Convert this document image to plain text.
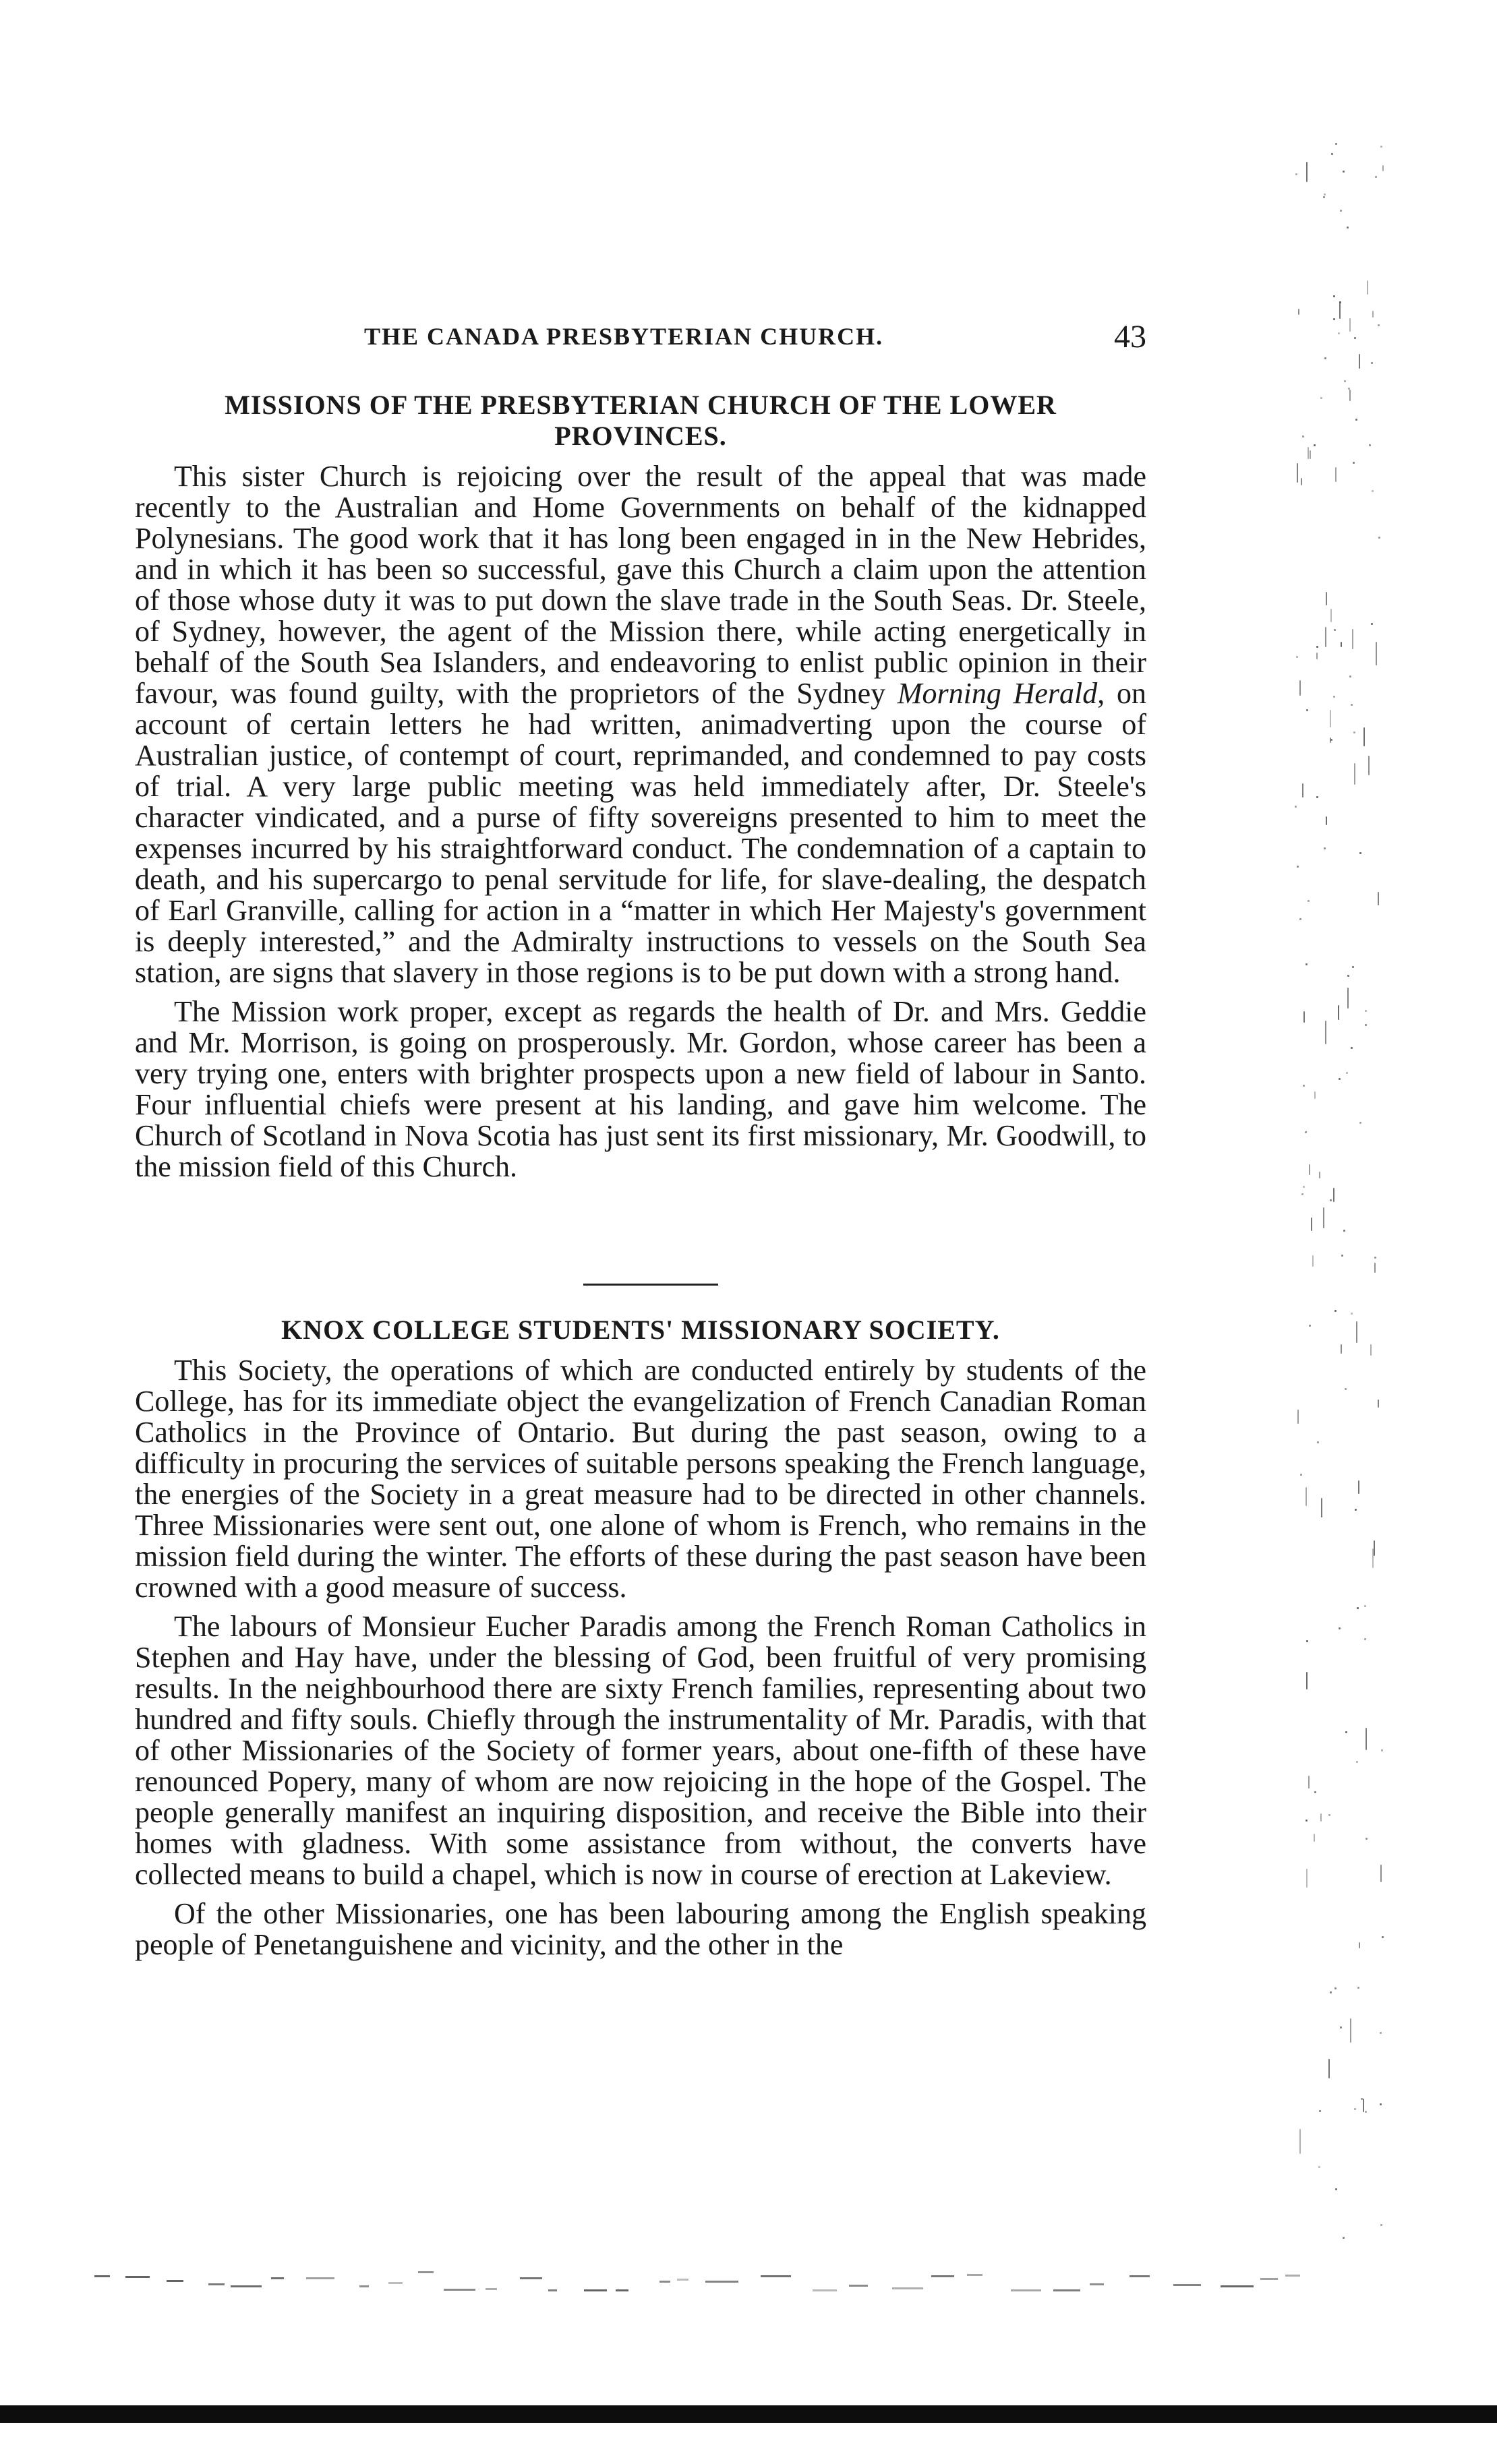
THE CANADA PRESBYTERIAN CHURCH.	43
MISSIONS OF THE PRESBYTERIAN CHURCH OF THE LOWER PROVINCES.

This sister Church is rejoicing over the result of the appeal that was made recently to the Australian and Home Governments on behalf of the kidnapped Polynesians. The good work that it has long been engaged in in the New Hebrides, and in which it has been so successful, gave this Church a claim upon the attention of those whose duty it was to put down the slave trade in the South Seas. Dr. Steele, of Sydney, however, the agent of the Mission there, while acting energetically in behalf of the South Sea Islanders, and endeavoring to enlist public opinion in their favour, was found guilty, with the proprietors of the Sydney Morning Herald, on account of certain letters he had written, animadverting upon the course of Australian justice, of contempt of court, reprimanded, and condemned to pay costs of trial. A very large public meeting was held immediately after, Dr. Steele's character vindicated, and a purse of fifty sovereigns presented to him to meet the expenses incurred by his straightforward conduct. The condemnation of a captain to death, and his supercargo to penal servitude for life, for slave-dealing, the despatch of Earl Granville, calling for action in a “matter in which Her Majesty's government is deeply interested,” and the Admiralty instructions to vessels on the South Sea station, are signs that slavery in those regions is to be put down with a strong hand.

The Mission work proper, except as regards the health of Dr. and Mrs. Geddie and Mr. Morrison, is going on prosperously. Mr. Gordon, whose career has been a very trying one, enters with brighter prospects upon a new field of labour in Santo. Four influential chiefs were present at his landing, and gave him welcome. The Church of Scotland in Nova Scotia has just sent its first missionary, Mr. Goodwill, to the mission field of this Church.

KNOX COLLEGE STUDENTS' MISSIONARY SOCIETY.

This Society, the operations of which are conducted entirely by students of the College, has for its immediate object the evangelization of French Canadian Roman Catholics in the Province of Ontario. But during the past season, owing to a difficulty in procuring the services of suitable persons speaking the French language, the energies of the Society in a great measure had to be directed in other channels. Three Missionaries were sent out, one alone of whom is French, who remains in the mission field during the winter. The efforts of these during the past season have been crowned with a good measure of success.

The labours of Monsieur Eucher Paradis among the French Roman Catholics in Stephen and Hay have, under the blessing of God, been fruitful of very promising results. In the neighbourhood there are sixty French families, representing about two hundred and fifty souls. Chiefly through the instrumentality of Mr. Paradis, with that of other Missionaries of the Society of former years, about one-fifth of these have renounced Popery, many of whom are now rejoicing in the hope of the Gospel. The people generally manifest an inquiring disposition, and receive the Bible into their homes with gladness. With some assistance from without, the converts have collected means to build a chapel, which is now in course of erection at Lakeview.

Of the other Missionaries, one has been labouring among the English speaking people of Penetanguishene and vicinity, and the other in the
